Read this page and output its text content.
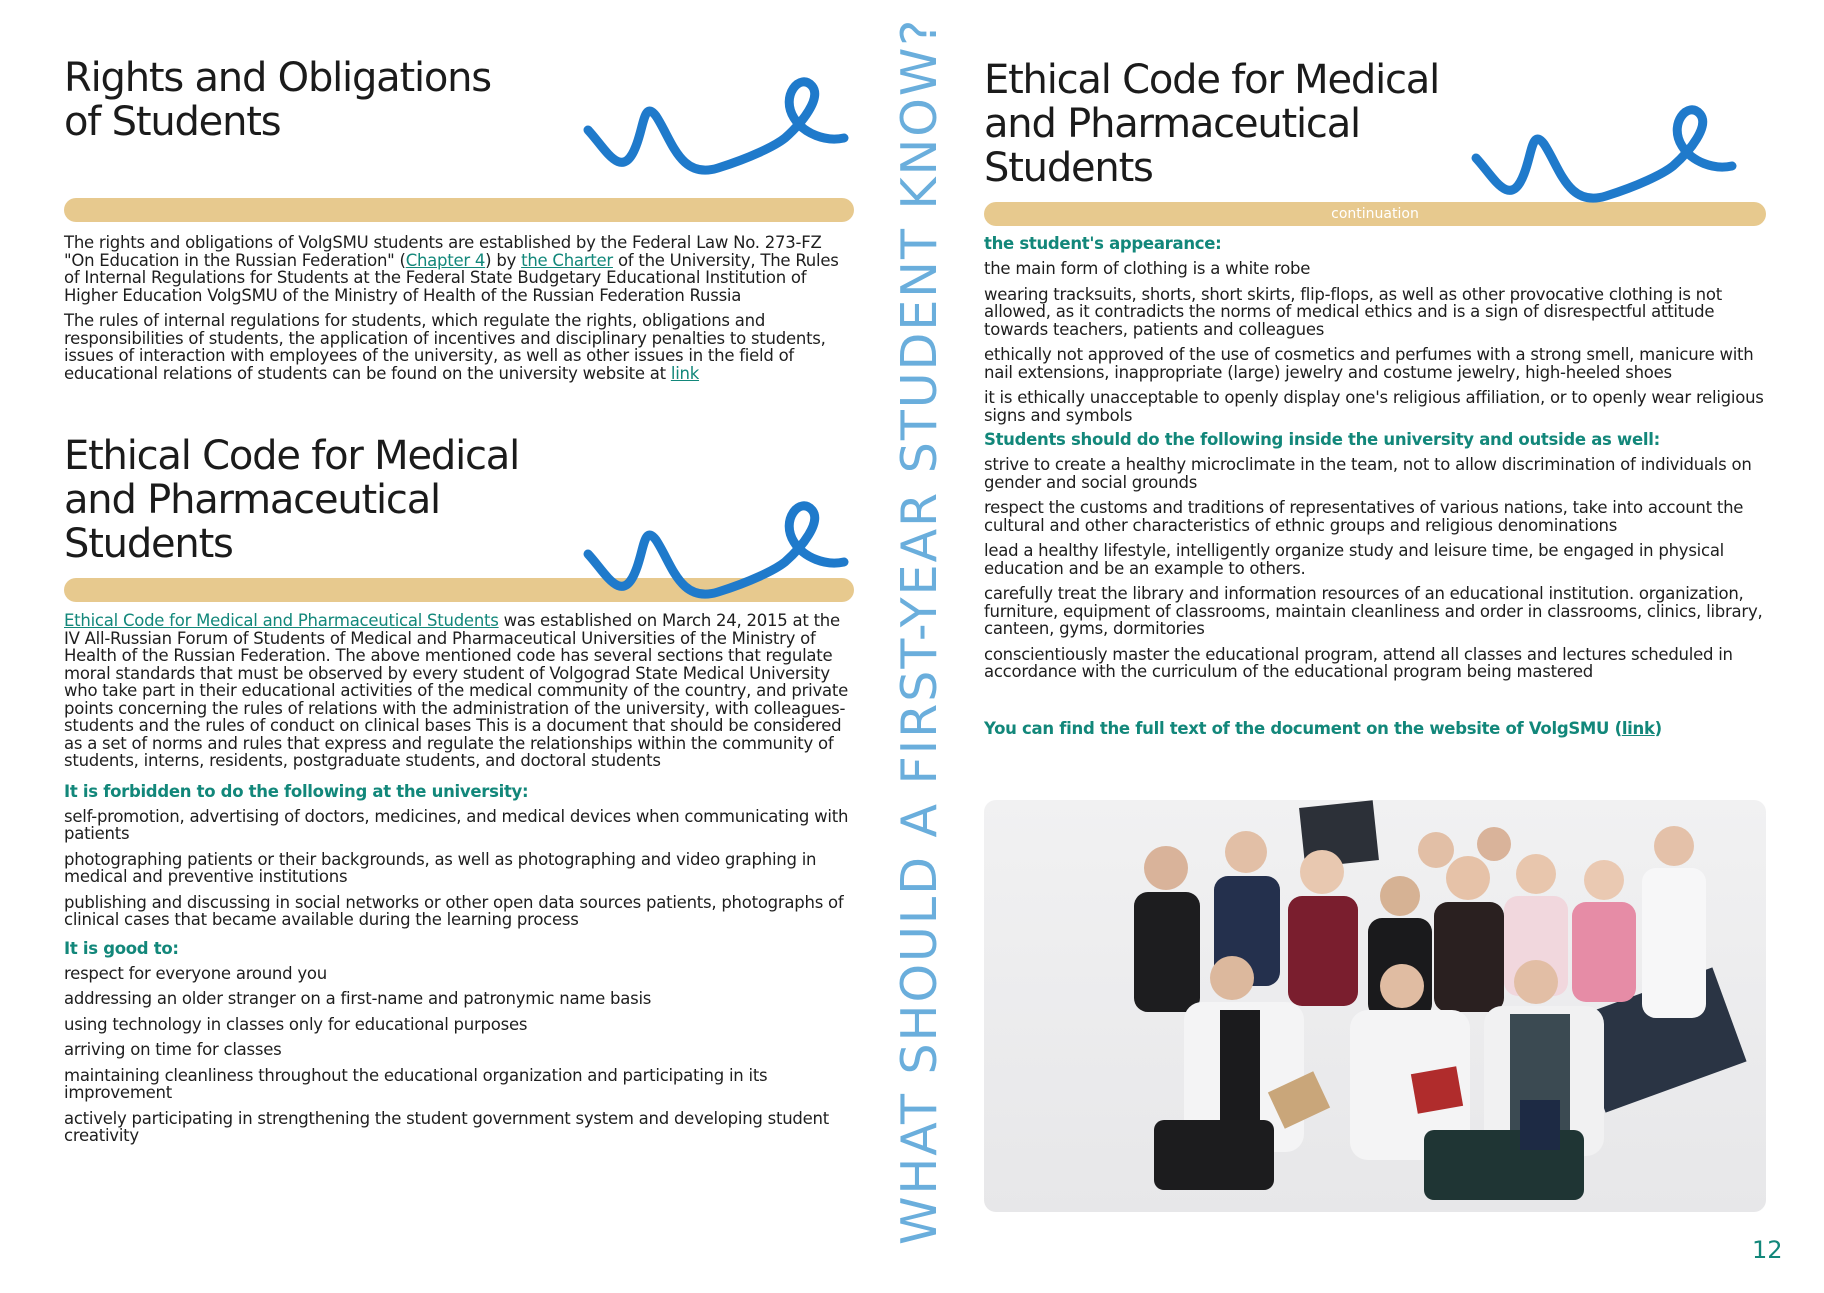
Rights and Obligations
of Students

The rights and obligations of VolgSMU students are established by the Federal Law No. 273-FZ "On Education in the Russian Federation" (Chapter 4) by the Charter of the University, The Rules of Internal Regulations for Students at the Federal State Budgetary Educational Institution of Higher Education VolgSMU of the Ministry of Health of the Russian Federation Russia

The rules of internal regulations for students, which regulate the rights, obligations and responsibilities of students, the application of incentives and disciplinary penalties to students, issues of interaction with employees of the university, as well as other issues in the field of educational relations of students can be found on the university website at link

Ethical Code for Medical
and Pharmaceutical
Students

Ethical Code for Medical and Pharmaceutical Students was established on March 24, 2015 at the IV All-Russian Forum of Students of Medical and Pharmaceutical Universities of the Ministry of Health of the Russian Federation. The above mentioned code has several sections that regulate moral standards that must be observed by every student of Volgograd State Medical University who take part in their educational activities of the medical community of the country, and private points concerning the rules of relations with the administration of the university, with colleagues-students and the rules of conduct on clinical bases This is a document that should be considered as a set of norms and rules that express and regulate the relationships within the community of students, interns, residents, postgraduate students, and doctoral students

It is forbidden to do the following at the university:

self-promotion, advertising of doctors, medicines, and medical devices when communicating with patients

photographing patients or their backgrounds, as well as photographing and video graphing in medical and preventive institutions

publishing and discussing in social networks or other open data sources patients, photographs of clinical cases that became available during the learning process

It is good to:

respect for everyone around you

addressing an older stranger on a first-name and patronymic name basis

using technology in classes only for educational purposes

arriving on time for classes

maintaining cleanliness throughout the educational organization and participating in its improvement

actively participating in strengthening the student government system and developing student creativity	WHAT SHOULD A FIRST-YEAR STUDENT KNOW? Ethical Code for Medical
and Pharmaceutical
Students
continuation
the student's appearance:

the main form of clothing is a white robe

wearing tracksuits, shorts, short skirts, flip-flops, as well as other provocative clothing is not allowed, as it contradicts the norms of medical ethics and is a sign of disrespectful attitude towards teachers, patients and colleagues

ethically not approved of the use of cosmetics and perfumes with a strong smell, manicure with nail extensions, inappropriate (large) jewelry and costume jewelry, high-heeled shoes

it is ethically unacceptable to openly display one's religious affiliation, or to openly wear religious signs and symbols

Students should do the following inside the university and outside as well:

strive to create a healthy microclimate in the team, not to allow discrimination of individuals on gender and social grounds

respect the customs and traditions of representatives of various nations, take into account the cultural and other characteristics of ethnic groups and religious denominations

lead a healthy lifestyle, intelligently organize study and leisure time, be engaged in physical education and be an example to others.

carefully treat the library and information resources of an educational institution. organization, furniture, equipment of classrooms, maintain cleanliness and order in classrooms, clinics, library, canteen, gyms, dormitories

conscientiously master the educational program, attend all classes and lectures scheduled in accordance with the curriculum of the educational program being mastered

You can find the full text of the document on the website of VolgSMU (link)
12
